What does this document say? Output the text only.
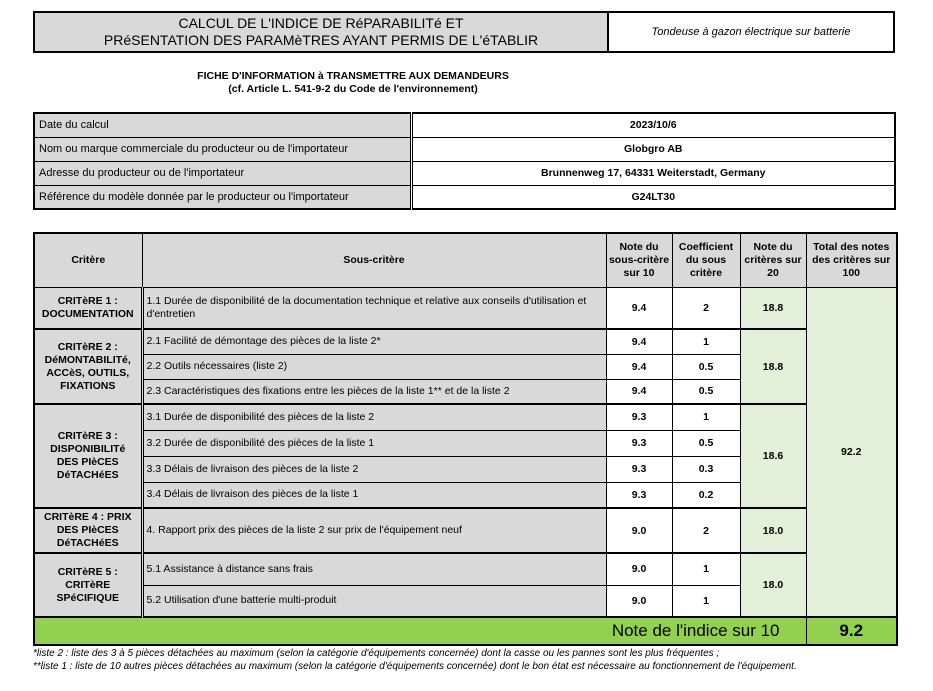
CALCUL DE L'INDICE DE RéPARABILITé ET
PRéSENTATION DES PARAMèTRES AYANT PERMIS DE L'éTABLIR	Tondeuse à gazon électrique sur batterie
FICHE D'INFORMATION à TRANSMETTRE AUX DEMANDEURS
(cf. Article L. 541-9-2 du Code de l'environnement)
Date du calcul	2023/10/6
Nom ou marque commerciale du producteur ou de l'importateur	Globgro AB
Adresse du producteur ou de l'importateur	Brunnenweg 17, 64331 Weiterstadt, Germany
Référence du modèle donnée par le producteur ou l'importateur	G24LT30
Critère	Sous-critère	Note du sous-critère sur 10	Coefficient du sous critère	Note du critères sur 20	Total des notes des critères sur 100
CRITèRE 1 : DOCUMENTATION	1.1 Durée de disponibilité de la documentation technique et relative aux conseils d'utilisation et d'entretien	9.4	2	18.8	92.2
CRITèRE 2 : DéMONTABILITé, ACCèS, OUTILS, FIXATIONS	2.1 Facilité de démontage des pièces de la liste 2*	9.4	1	18.8	
	2.2 Outils nécessaires (liste 2)	9.4	0.5		
	2.3 Caractéristiques des fixations entre les pièces de la liste 1** et de la liste 2	9.4	0.5		
CRITèRE 3 : DISPONIBILITé DES PIèCES DéTACHéES	3.1 Durée de disponibilité des pièces de la liste 2	9.3	1	18.6	
	3.2 Durée de disponibilité des pièces de la liste 1	9.3	0.5		
	3.3 Délais de livraison des pièces de la liste 2	9.3	0.3		
	3.4 Délais de livraison des pièces de la liste 1	9.3	0.2		
CRITèRE 4 : PRIX DES PIèCES DéTACHéES	4. Rapport prix des pièces de la liste 2 sur prix de l'équipement neuf	9.0	2	18.0	
CRITèRE 5 : CRITèRE SPéCIFIQUE	5.1 Assistance à distance sans frais	9.0	1	18.0	
	5.2 Utilisation d'une batterie multi-produit	9.0	1		
Note de l'indice sur 10					9.2
*liste 2 : liste des 3 à 5 pièces détachées au maximum (selon la catégorie d'équipements concernée) dont la casse ou les pannes sont les plus fréquentes ;
**liste 1 : liste de 10 autres pièces détachées au maximum (selon la catégorie d'équipements concernée) dont le bon état est nécessaire au fonctionnement de l'équipement.
